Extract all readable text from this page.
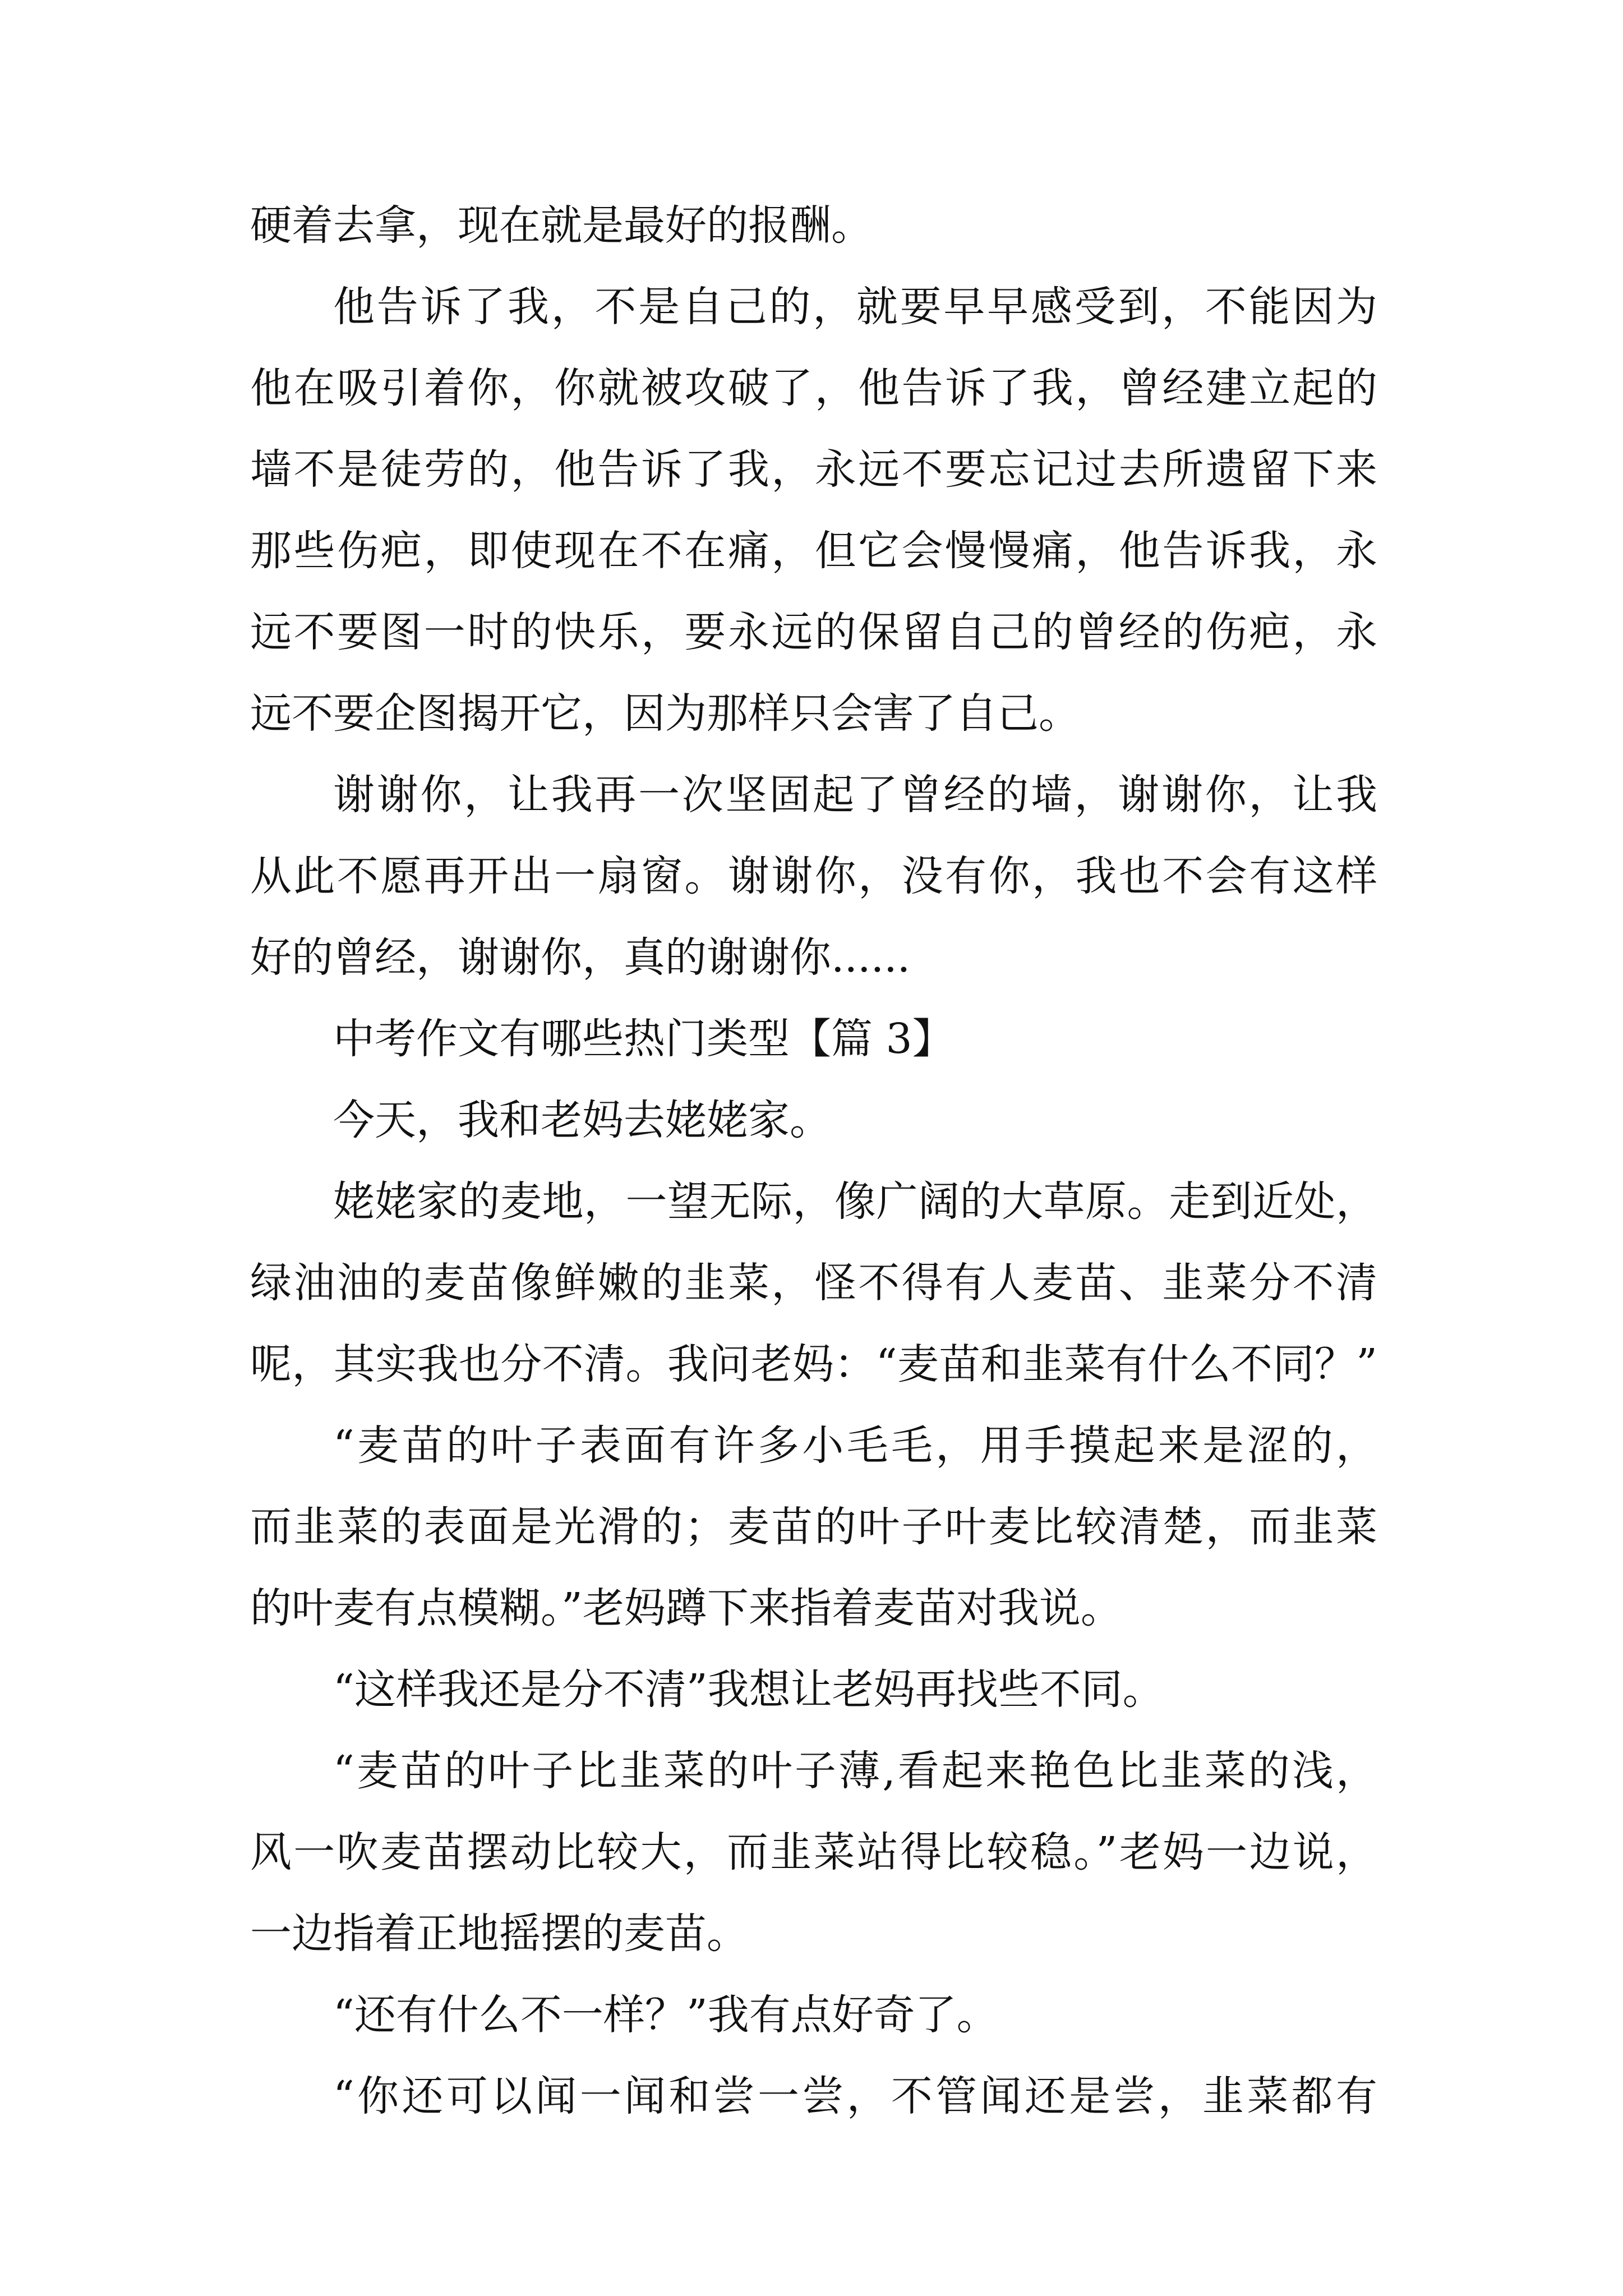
硬着去拿，现在就是最好的报酬。
他告诉了我，不是自己的，就要早早感受到，不能因为
他在吸引着你，你就被攻破了，他告诉了我，曾经建立起的
墙不是徒劳的，他告诉了我，永远不要忘记过去所遗留下来
那些伤疤，即使现在不在痛，但它会慢慢痛，他告诉我，永
远不要图一时的快乐，要永远的保留自己的曾经的伤疤，永
远不要企图揭开它，因为那样只会害了自己。
谢谢你，让我再一次坚固起了曾经的墙，谢谢你，让我
从此不愿再开出一扇窗。谢谢你，没有你，我也不会有这样
好的曾经，谢谢你，真的谢谢你......
中考作文有哪些热门类型【篇 3】
今天，我和老妈去姥姥家。
姥姥家的麦地，一望无际，像广阔的大草原。走到近处，
绿油油的麦苗像鲜嫩的韭菜，怪不得有人麦苗、韭菜分不清
呢，其实我也分不清。我问老妈：“麦苗和韭菜有什么不同？”
“麦苗的叶子表面有许多小毛毛，用手摸起来是涩的，
而韭菜的表面是光滑的；麦苗的叶子叶麦比较清楚，而韭菜
的叶麦有点模糊。”老妈蹲下来指着麦苗对我说。
“这样我还是分不清”我想让老妈再找些不同。
“麦苗的叶子比韭菜的叶子薄,看起来艳色比韭菜的浅，
风一吹麦苗摆动比较大，而韭菜站得比较稳。”老妈一边说，
一边指着正地摇摆的麦苗。
“还有什么不一样？”我有点好奇了。
“你还可以闻一闻和尝一尝，不管闻还是尝，韭菜都有
